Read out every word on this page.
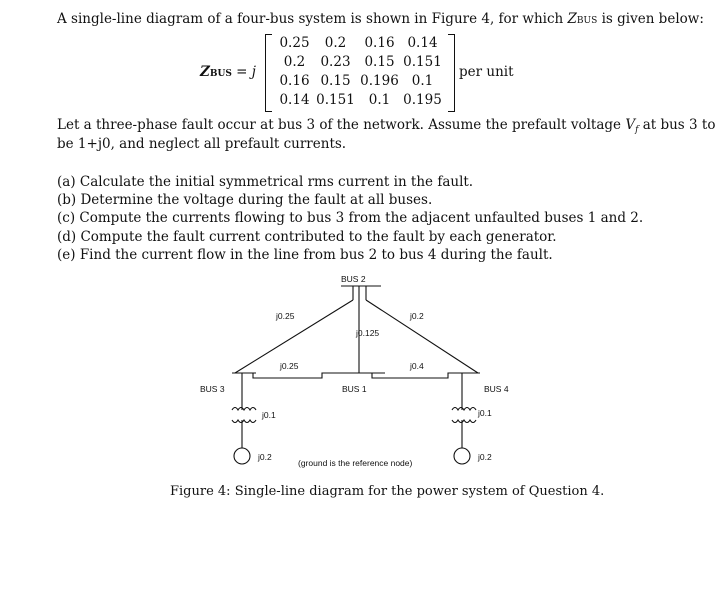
A single-line diagram of a four-bus system is shown in Figure 4, for which ZBUS is given below:
ZBUS = j
0.25	0.2	0.16 0.14
0.2	0.23	0.15 0.151
0.16 0.15 0.196 0.1
0.14 0.151	0.1 0.195
per unit
Let a three-phase fault occur at bus 3 of the network. Assume the prefault voltage $V_f$ at bus 3 to
be 1+j0, and neglect all prefault currents.
(a) Calculate the initial symmetrical rms current in the fault.
(b) Determine the voltage during the fault at all buses.
(c) Compute the currents flowing to bus 3 from the adjacent unfaulted buses 1 and 2.
(d) Compute the fault current contributed to the fault by each generator.
(e) Find the current flow in the line from bus 2 to bus 4 during the fault.
BUS 2
BUS 3	BUS 1	BUS 4
j0.25
j0.125
j0.2
j0.25	j0.4
j0.1	j0.1
j0.2	j0.2
(ground is the reference node)
Figure 4: Single-line diagram for the power system of Question 4.
